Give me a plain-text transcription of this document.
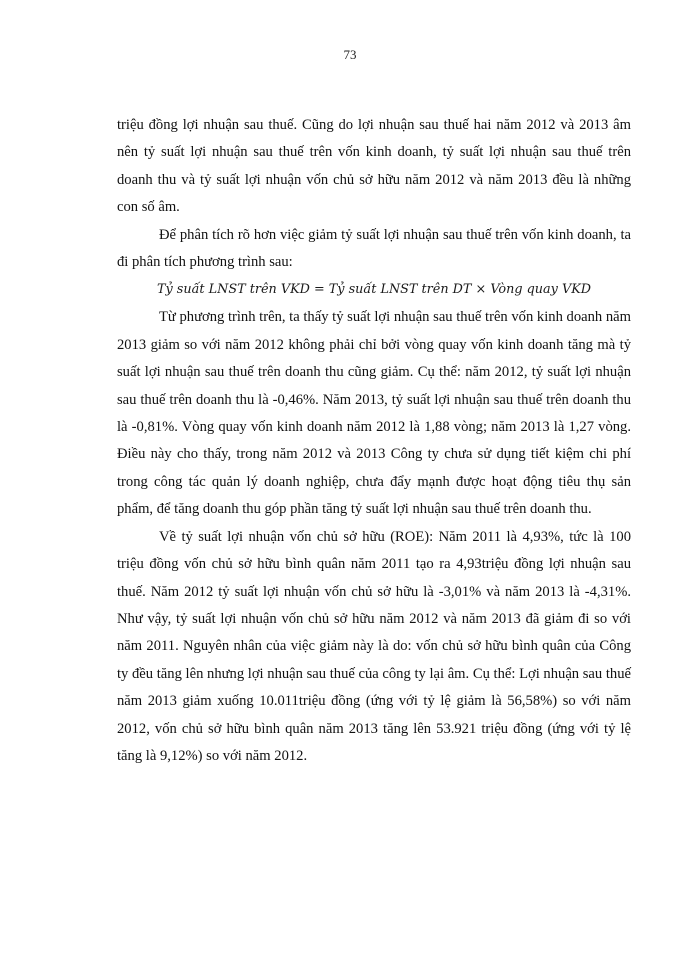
73

triệu đồng lợi nhuận sau thuế. Cũng do lợi nhuận sau thuế hai năm 2012 và 2013 âm nên tỷ suất lợi nhuận sau thuế trên vốn kinh doanh, tỷ suất lợi nhuận sau thuế trên doanh thu và tỷ suất lợi nhuận vốn chủ sở hữu năm 2012 và năm 2013 đều là những con số âm.

Để phân tích rõ hơn việc giảm tỷ suất lợi nhuận sau thuế trên vốn kinh doanh, ta đi phân tích phương trình sau:

Tỷ suất LNST trên VKD = Tỷ suất LNST trên DT × Vòng quay VKD

Từ phương trình trên, ta thấy tỷ suất lợi nhuận sau thuế trên vốn kinh doanh năm 2013 giảm so với năm 2012 không phải chỉ bởi vòng quay vốn kinh doanh tăng mà tỷ suất lợi nhuận sau thuế trên doanh thu cũng giảm. Cụ thể: năm 2012, tỷ suất lợi nhuận sau thuế trên doanh thu là -0,46%. Năm 2013, tỷ suất lợi nhuận sau thuế trên doanh thu là -0,81%. Vòng quay vốn kinh doanh năm 2012 là 1,88 vòng; năm 2013 là 1,27 vòng. Điều này cho thấy, trong năm 2012 và 2013 Công ty chưa sử dụng tiết kiệm chi phí trong công tác quản lý doanh nghiệp, chưa đẩy mạnh được hoạt động tiêu thụ sản phẩm, để tăng doanh thu góp phần tăng tỷ suất lợi nhuận sau thuế trên doanh thu.

Về tỷ suất lợi nhuận vốn chủ sở hữu (ROE): Năm 2011 là 4,93%, tức là 100 triệu đồng vốn chủ sở hữu bình quân năm 2011 tạo ra 4,93triệu đồng lợi nhuận sau thuế. Năm 2012 tỷ suất lợi nhuận vốn chủ sở hữu là -3,01% và năm 2013 là -4,31%. Như vậy, tỷ suất lợi nhuận vốn chủ sở hữu năm 2012 và năm 2013 đã giảm đi so với năm 2011. Nguyên nhân của việc giảm này là do: vốn chủ sở hữu bình quân của Công ty đều tăng lên nhưng lợi nhuận sau thuế của công ty lại âm. Cụ thể: Lợi nhuận sau thuế năm 2013 giảm xuống 10.011triệu đồng (ứng với tỷ lệ giảm là 56,58%) so với năm 2012, vốn chủ sở hữu bình quân năm 2013 tăng lên 53.921 triệu đồng (ứng với tỷ lệ tăng là 9,12%) so với năm 2012.
